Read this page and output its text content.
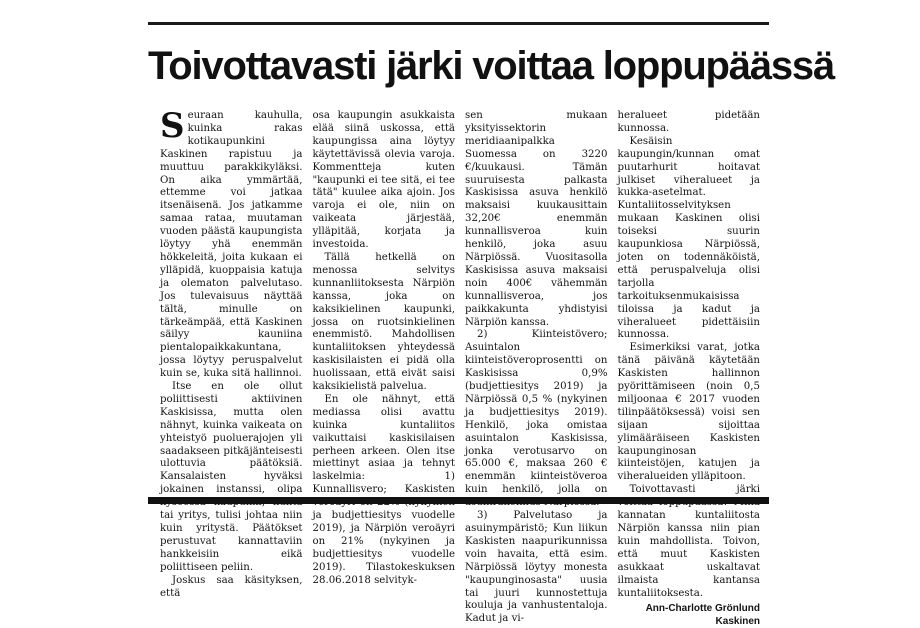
Toivottavasti järki voittaa loppupäässä

Seuraan kauhulla, kuinka rakas kotikaupunkini Kaskinen rapistuu ja muuttuu parakkikyläksi. On aika ymmärtää, ettemme voi jatkaa itsenäisenä. Jos jatkamme samaa rataa, muutaman vuoden päästä kaupungista löytyy yhä enemmän hökkeleitä, joita kukaan ei ylläpidä, kuoppaisia katuja ja olematon palvelutaso. Jos tulevaisuus näyttää tältä, minulle on tärkeämpää, että Kaskinen säilyy kauniina pientalopaikkakuntana, jossa löytyy peruspalvelut kuin se, kuka sitä hallinnoi.

Itse en ole ollut poliittisesti aktiivinen Kaskisissa, mutta olen nähnyt, kuinka vaikeata on yhteistyö puoluerajojen yli saadakseen pitkäjänteisesti ulottuvia päätöksiä. Kansalaisten hyväksi jokainen instanssi, olipa tai yritys, tulisi johtaa niin kuin yritystä. Päätökset perustuvat kannattaviin hankkeisiin eikä poliittiseen peliin.

Joskus saa käsityksen, että

osa kaupungin asukkaista elää siinä uskossa, että kaupungissa aina löytyy käytettävissä olevia varoja. Kommentteja kuten "kaupunki ei tee sitä, ei tee tätä" kuulee aika ajoin. Jos varoja ei ole, niin on vaikeata järjestää, ylläpitää, korjata ja investoida.

Tällä hetkellä on menossa selvitys kunnanliitoksesta Närpiön kanssa, joka on kaksikielinen kaupunki, jossa on ruotsinkielinen enemmistö. Mahdollisen kuntaliitoksen yhteydessä kaskisilaisten ei pidä olla huolissaan, että eivät saisi kaksikielistä palvelua.

En ole nähnyt, että mediassa olisi avattu kuinka kuntaliitos vaikuttaisi kaskisilaisen perheen arkeen. Olen itse miettinyt asiaa ja tehnyt laskelmia: 1) Kunnallisvero; Kaskisten ja budjettiesitys vuodelle 2019), ja Närpiön veroäyri on 21% (nykyinen ja budjettiesitys vuodelle 2019). Tilastokeskuksen 28.06.2018 selvityk-

sen mukaan yksityissektorin meridiaanipalkka Suomessa on 3220 €/kuukausi. Tämän suuruisesta palkasta Kaskisissa asuva henkilö maksaisi kuukausittain 32,20€ enemmän kunnallisveroa kuin henkilö, joka asuu Närpiössä. Vuositasolla Kaskisissa asuva maksaisi noin 400€ vähemmän kunnallisveroa, jos paikkakunta yhdistyisi Närpiön kanssa.

2) Kiinteistövero; Asuintalon kiinteistöveroprosentti on Kaskisissa 0,9% (budjettiesitys 2019) ja Närpiössä 0,5 % (nykyinen ja budjettiesitys 2019). Henkilö, joka omistaa asuintalon Kaskisissa, jonka verotusarvo on 65.000 €, maksaa 260 € enemmän kiinteistöveroa kuin henkilö, jolla on

3) Palvelutaso ja asuinympäristö; Kun liikun Kaskisten naapurikunnissa voin havaita, että esim. Närpiössä löytyy monesta "kaupunginosasta" uusia tai juuri kunnostettuja kouluja ja vanhustentaloja. Kadut ja vi-

heralueet pidetään kunnossa.

Kesäisin kaupungin/kunnan omat puutarhurit hoitavat julkiset viheralueet ja kukka-asetelmat. Kuntaliitosselvityksen mukaan Kaskinen olisi toiseksi suurin kaupunkiosa Närpiössä, joten on todennäköistä, että peruspalveluja olisi tarjolla tarkoituksenmukaisissa tiloissa ja kadut ja viheralueet pidettäisiin kunnossa.

Esimerkiksi varat, jotka tänä päivänä käytetään Kaskisten hallinnon pyörittämiseen (noin 0,5 miljoonaa € 2017 vuoden tilinpäätöksessä) voisi sen sijaan sijoittaa ylimääräiseen Kaskisten kaupunginosan kiinteistöjen, katujen ja viheralueiden ylläpitoon.

Toivottavasti järki kannatan kuntaliitosta Närpiön kanssa niin pian kuin mahdollista. Toivon, että muut Kaskisten asukkaat uskaltavat ilmaista kantansa kuntaliitoksesta.

Ann-Charlotte Grönlund
Kaskinen
